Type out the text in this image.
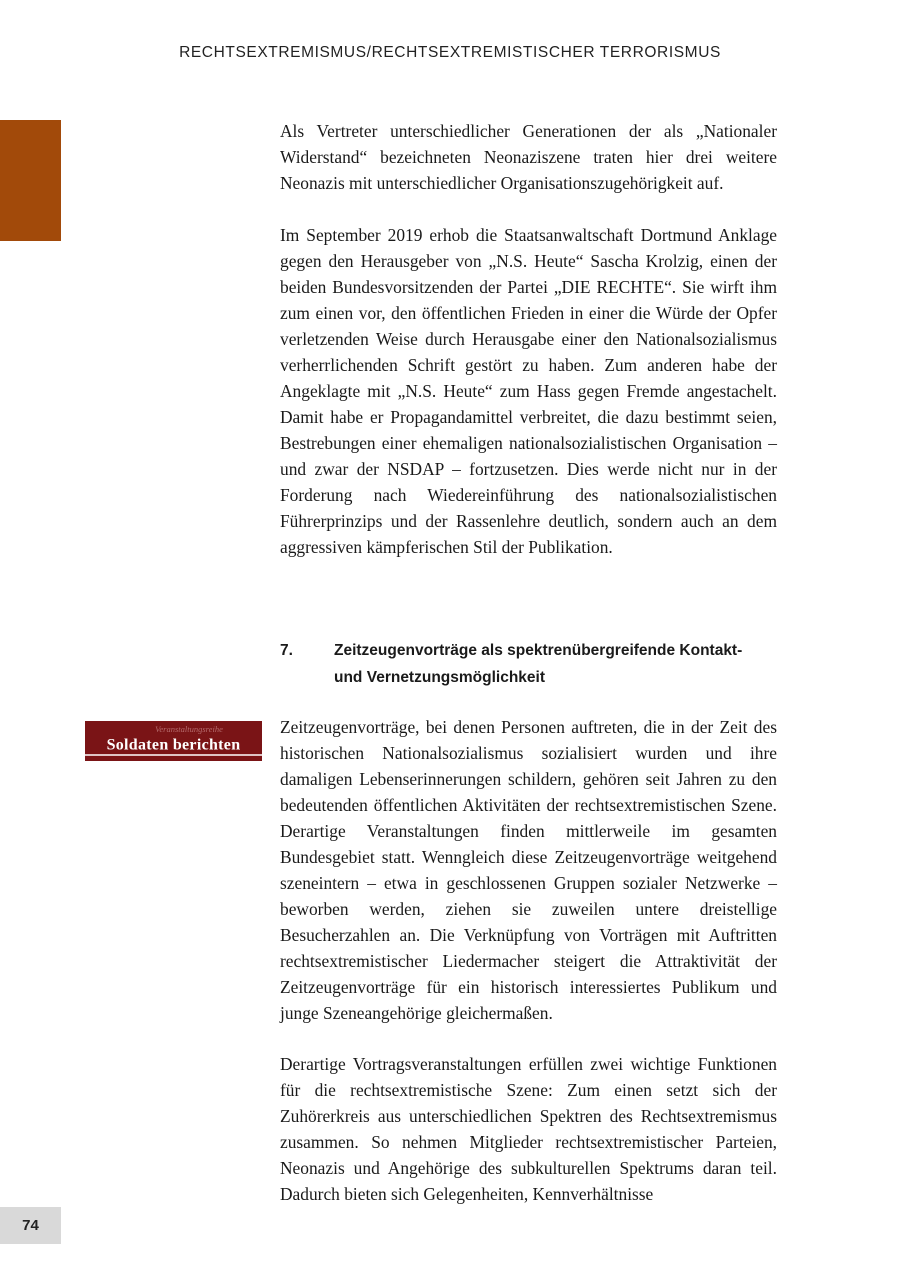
RECHTSEXTREMISMUS/RECHTSEXTREMISTISCHER TERRORISMUS

Als Vertreter unterschiedlicher Generationen der als „Nationaler Widerstand“ bezeichneten Neonaziszene traten hier drei weitere Neonazis mit unterschiedlicher Organisationszugehörigkeit auf.

Im September 2019 erhob die Staatsanwaltschaft Dortmund Anklage gegen den Herausgeber von „N.S. Heute“ Sascha Krolzig, einen der beiden Bundesvorsitzenden der Partei „DIE RECHTE“. Sie wirft ihm zum einen vor, den öffentlichen Frieden in einer die Würde der Opfer verletzenden Weise durch Herausgabe einer den Nationalsozialismus verherrlichenden Schrift gestört zu haben. Zum anderen habe der Angeklagte mit „N.S. Heute“ zum Hass gegen Fremde angestachelt. Damit habe er Propagandamittel verbreitet, die dazu bestimmt seien, Bestrebungen einer ehemaligen nationalsozialistischen Organisation – und zwar der NSDAP – fortzusetzen. Dies werde nicht nur in der Forderung nach Wiedereinführung des nationalsozialistischen Führerprinzips und der Rassenlehre deutlich, sondern auch an dem aggressiven kämpferischen Stil der Publikation.

7.	Zeitzeugenvorträge als spektrenübergreifende Kontakt- und Vernetzungsmöglichkeit
Veranstaltungsreihe
Soldaten berichten

Zeitzeugenvorträge, bei denen Personen auftreten, die in der Zeit des historischen Nationalsozialismus sozialisiert wurden und ihre damaligen Lebenserinnerungen schildern, gehören seit Jahren zu den bedeutenden öffentlichen Aktivitäten der rechtsextremistischen Szene. Derartige Veranstaltungen finden mittlerweile im gesamten Bundesgebiet statt. Wenngleich diese Zeitzeugenvorträge weitgehend szeneintern – etwa in geschlossenen Gruppen sozialer Netzwerke – beworben werden, ziehen sie zuweilen untere dreistellige Besucherzahlen an. Die Verknüpfung von Vorträgen mit Auftritten rechtsextremistischer Liedermacher steigert die Attraktivität der Zeitzeugenvorträge für ein historisch interessiertes Publikum und junge Szeneangehörige gleichermaßen.

Derartige Vortragsveranstaltungen erfüllen zwei wichtige Funktionen für die rechtsextremistische Szene: Zum einen setzt sich der Zuhörerkreis aus unterschiedlichen Spektren des Rechtsextremismus zusammen. So nehmen Mitglieder rechtsextremistischer Parteien, Neonazis und Angehörige des subkulturellen Spektrums daran teil. Dadurch bieten sich Gelegenheiten, Kennverhältnisse

74
